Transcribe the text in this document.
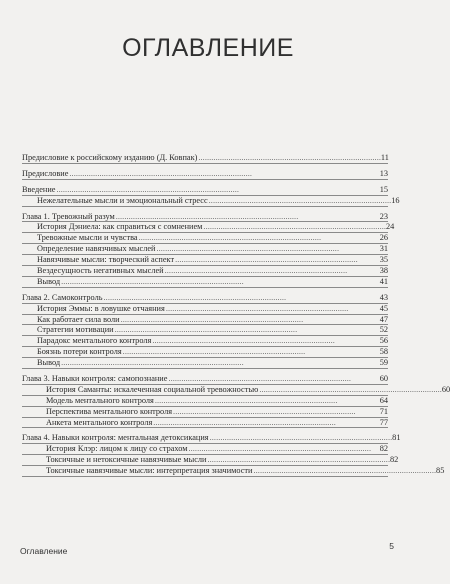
ОГЛАВЛЕНИЕ
Предисловие к российскому изданию (Д. Ковпак) . . .	11
Предисловие . . .	13
Введение . . .	15
Нежелательные мысли и эмоциональный стресс . . .	16
Глава 1. Тревожный разум . . .	23
История Дэниела: как справиться с сомнением . . .	24
Тревожные мысли и чувства . . .	26
Определение навязчивых мыслей . . .	31
Навязчивые мысли: творческий аспект . . .	35
Вездесущность негативных мыслей . . .	38
Вывод . . .	41
Глава 2. Самоконтроль . . .	43
История Эммы: в ловушке отчаяния . . .	45
Как работает сила воли . . .	47
Стратегии мотивации . . .	52
Парадокс ментального контроля . . .	56
Боязнь потери контроля . . .	58
Вывод . . .	59
Глава 3. Навыки контроля: самопознание . . .	60
История Саманты: искалеченная социальной тревожностью . . .	60
Модель ментального контроля . . .	64
Перспектива ментального контроля . . .	71
Анкета ментального контроля . . .	77
Глава 4. Навыки контроля: ментальная детоксикация . . .	81
История Клэр: лицом к лицу со страхом . . .	82
Токсичные и нетоксичные навязчивые мысли . . .	82
Токсичные навязчивые мысли: интерпретация значимости . . .	85
Оглавление	5
